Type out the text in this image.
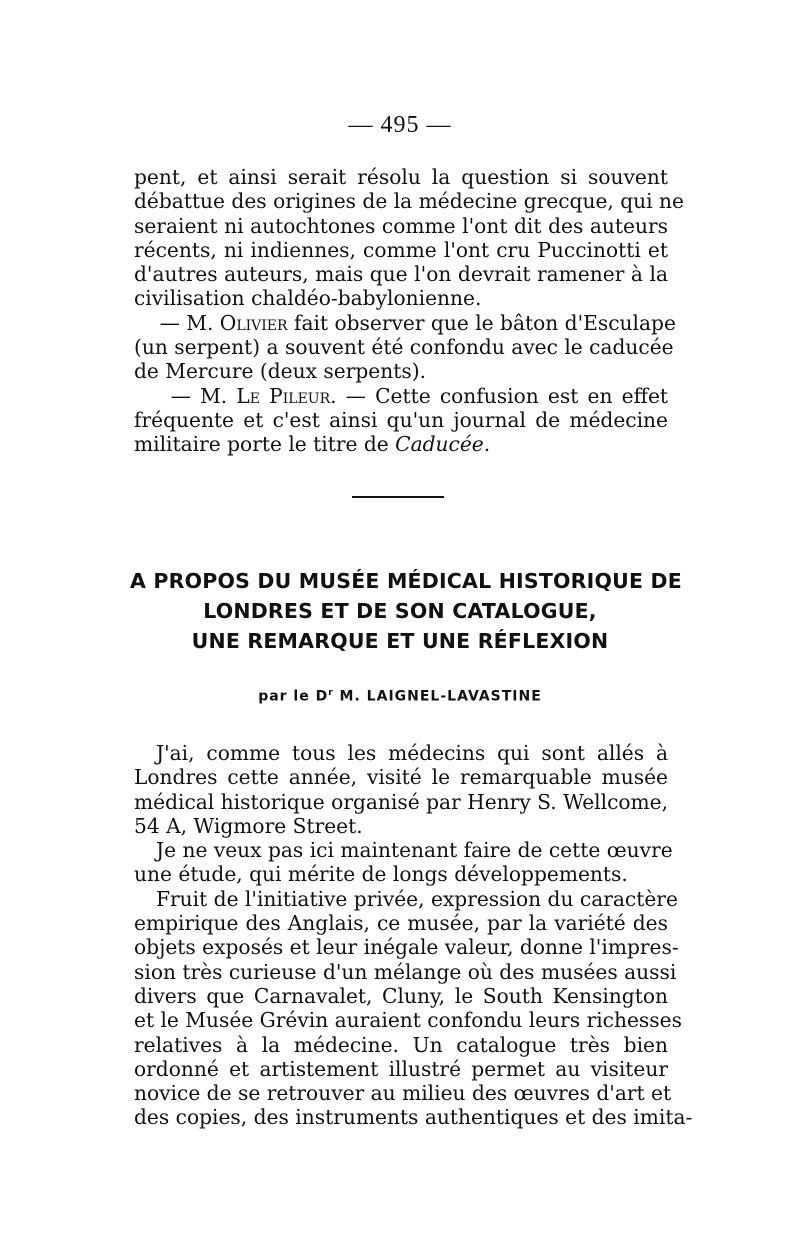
— 495 —
pent, et ainsi serait résolu la question si souvent
débattue des origines de la médecine grecque, qui ne
seraient ni autochtones comme l'ont dit des auteurs
récents, ni indiennes, comme l'ont cru Puccinotti et
d'autres auteurs, mais que l'on devrait ramener à la
civilisation chaldéo-babylonienne.
— M. Olivier fait observer que le bâton d'Esculape
(un serpent) a souvent été confondu avec le caducée
de Mercure (deux serpents).
— M. Le Pileur. — Cette confusion est en effet
fréquente et c'est ainsi qu'un journal de médecine
militaire porte le titre de Caducée.
A PROPOS DU MUSÉE MÉDICAL HISTORIQUE DE
LONDRES ET DE SON CATALOGUE,
UNE REMARQUE ET UNE RÉFLEXION
par le $D^r$ M. LAIGNEL-LAVASTINE
J'ai, comme tous les médecins qui sont allés à
Londres cette année, visité le remarquable musée
médical historique organisé par Henry S. Wellcome,
54 A, Wigmore Street.
Je ne veux pas ici maintenant faire de cette œuvre
une étude, qui mérite de longs développements.
Fruit de l'initiative privée, expression du caractère
empirique des Anglais, ce musée, par la variété des
objets exposés et leur inégale valeur, donne l'impres-
sion très curieuse d'un mélange où des musées aussi
divers que Carnavalet, Cluny, le South Kensington
et le Musée Grévin auraient confondu leurs richesses
relatives à la médecine. Un catalogue très bien
ordonné et artistement illustré permet au visiteur
novice de se retrouver au milieu des œuvres d'art et
des copies, des instruments authentiques et des imita-
